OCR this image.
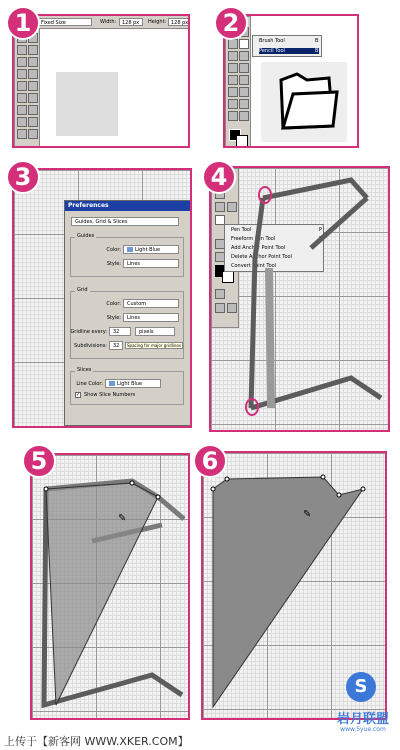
Fixed Size	Width: 128 px Height: 128 px
1
Brush Tool	B
Pencil Tool	B
2
Preferences
Guides, Grid & Slices
Guides
Color:	Light Blue
Style:	Lines
Grid
Color:	Custom
Style:	Lines
Gridline every:	32	pixels
Subdivisions:	32	Spacing for major gridlines
Slices
Line Color:	Light Blue
✓ Show Slice Numbers
3
Pen Tool	P
Freeform Pen Tool	P
Add Anchor Point Tool
Delete Anchor Point Tool
Convert Point Tool
4
✎
5
✎
6
S
岩月联盟
www.5yue.com
上传于【新客网 WWW.XKER.COM】
